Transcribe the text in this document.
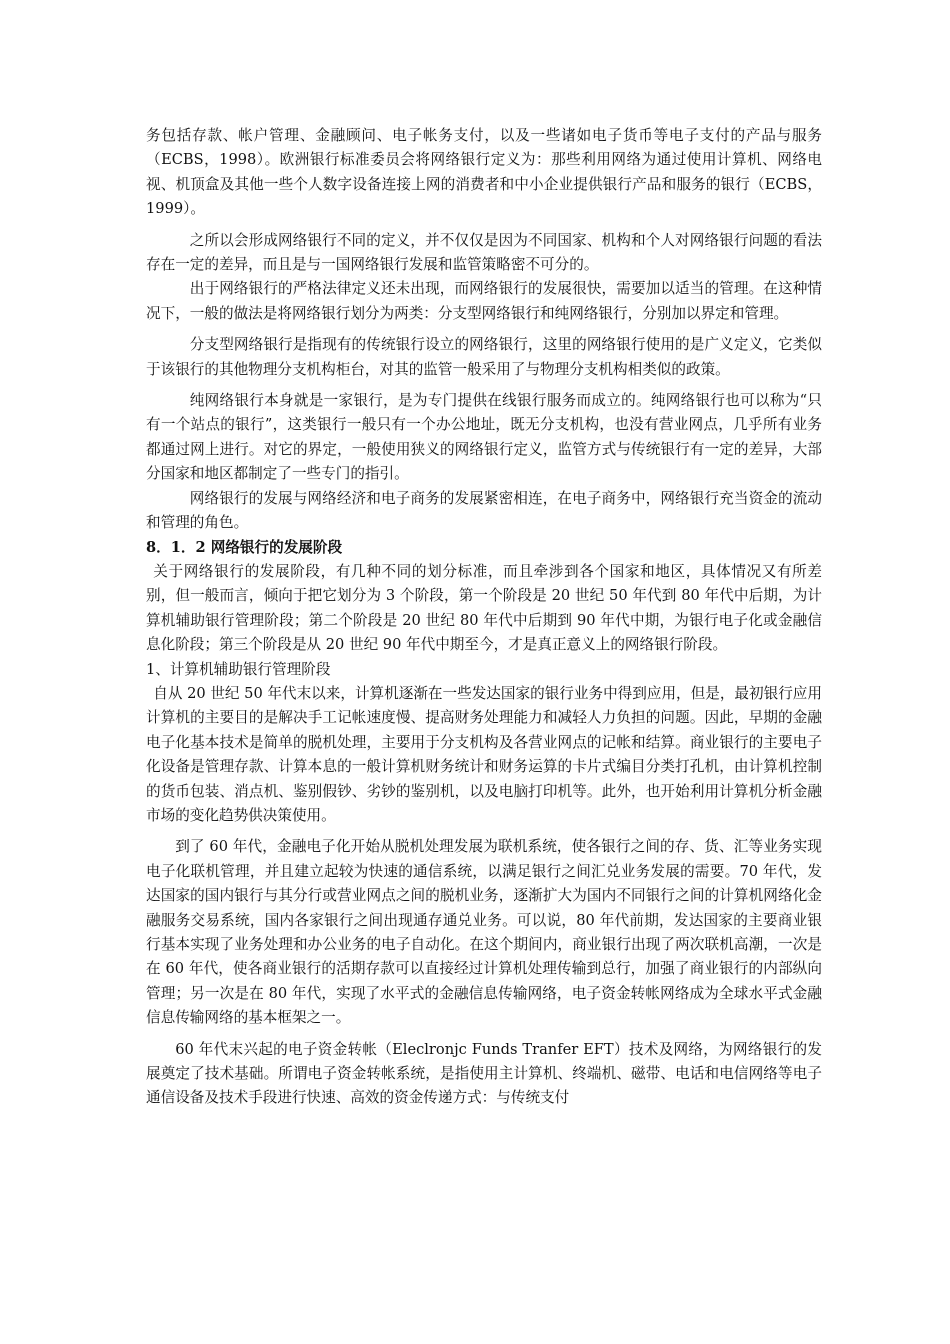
务包括存款、帐户管理、金融顾问、电子帐务支付，以及一些诸如电子货币等电子支付的产品与服务（ECBS，1998）。欧洲银行标准委员会将网络银行定义为：那些利用网络为通过使用计算机、网络电视、机顶盒及其他一些个人数字设备连接上网的消费者和中小企业提供银行产品和服务的银行（ECBS，1999）。

之所以会形成网络银行不同的定义，并不仅仅是因为不同国家、机构和个人对网络银行问题的看法存在一定的差异，而且是与一国网络银行发展和监管策略密不可分的。

出于网络银行的严格法律定义还未出现，而网络银行的发展很快，需要加以适当的管理。在这种情况下，一般的做法是将网络银行划分为两类：分支型网络银行和纯网络银行，分别加以界定和管理。

分支型网络银行是指现有的传统银行设立的网络银行，这里的网络银行使用的是广义定义，它类似于该银行的其他物理分支机构柜台，对其的监管一般采用了与物理分支机构相类似的政策。

纯网络银行本身就是一家银行，是为专门提供在线银行服务而成立的。纯网络银行也可以称为“只有一个站点的银行”，这类银行一般只有一个办公地址，既无分支机构，也没有营业网点，几乎所有业务都通过网上进行。对它的界定，一般使用狭义的网络银行定义，监管方式与传统银行有一定的差异，大部分国家和地区都制定了一些专门的指引。

网络银行的发展与网络经济和电子商务的发展紧密相连，在电子商务中，网络银行充当资金的流动和管理的角色。

8．1．2 网络银行的发展阶段

关于网络银行的发展阶段，有几种不同的划分标准，而且牵涉到各个国家和地区，具体情况又有所差别，但一般而言，倾向于把它划分为 3 个阶段，第一个阶段是 20 世纪 50 年代到 80 年代中后期，为计算机辅助银行管理阶段；第二个阶段是 20 世纪 80 年代中后期到 90 年代中期，为银行电子化或金融信息化阶段；第三个阶段是从 20 世纪 90 年代中期至今，才是真正意义上的网络银行阶段。

1、计算机辅助银行管理阶段

自从 20 世纪 50 年代末以来，计算机逐渐在一些发达国家的银行业务中得到应用，但是，最初银行应用计算机的主要目的是解决手工记帐速度慢、提高财务处理能力和减轻人力负担的问题。因此，早期的金融电子化基本技术是简单的脱机处理，主要用于分支机构及各营业网点的记帐和结算。商业银行的主要电子化设备是管理存款、计算本息的一般计算机财务统计和财务运算的卡片式编目分类打孔机，由计算机控制的货币包装、消点机、鉴别假钞、劣钞的鉴别机，以及电脑打印机等。此外，也开始利用计算机分析金融市场的变化趋势供决策使用。

到了 60 年代，金融电子化开始从脱机处理发展为联机系统，使各银行之间的存、货、汇等业务实现电子化联机管理，并且建立起较为快速的通信系统，以满足银行之间汇兑业务发展的需要。70 年代，发达国家的国内银行与其分行或营业网点之间的脱机业务，逐渐扩大为国内不同银行之间的计算机网络化金融服务交易系统，国内各家银行之间出现通存通兑业务。可以说，80 年代前期，发达国家的主要商业银行基本实现了业务处理和办公业务的电子自动化。在这个期间内，商业银行出现了两次联机高潮，一次是在 60 年代，使各商业银行的活期存款可以直接经过计算机处理传输到总行，加强了商业银行的内部纵向管理；另一次是在 80 年代，实现了水平式的金融信息传输网络，电子资金转帐网络成为全球水平式金融信息传输网络的基本框架之一。

60 年代末兴起的电子资金转帐（Eleclronjc Funds Tranfer EFT）技术及网络，为网络银行的发展奠定了技术基础。所谓电子资金转帐系统，是指使用主计算机、终端机、磁带、电话和电信网络等电子通信设备及技术手段进行快速、高效的资金传递方式：与传统支付
